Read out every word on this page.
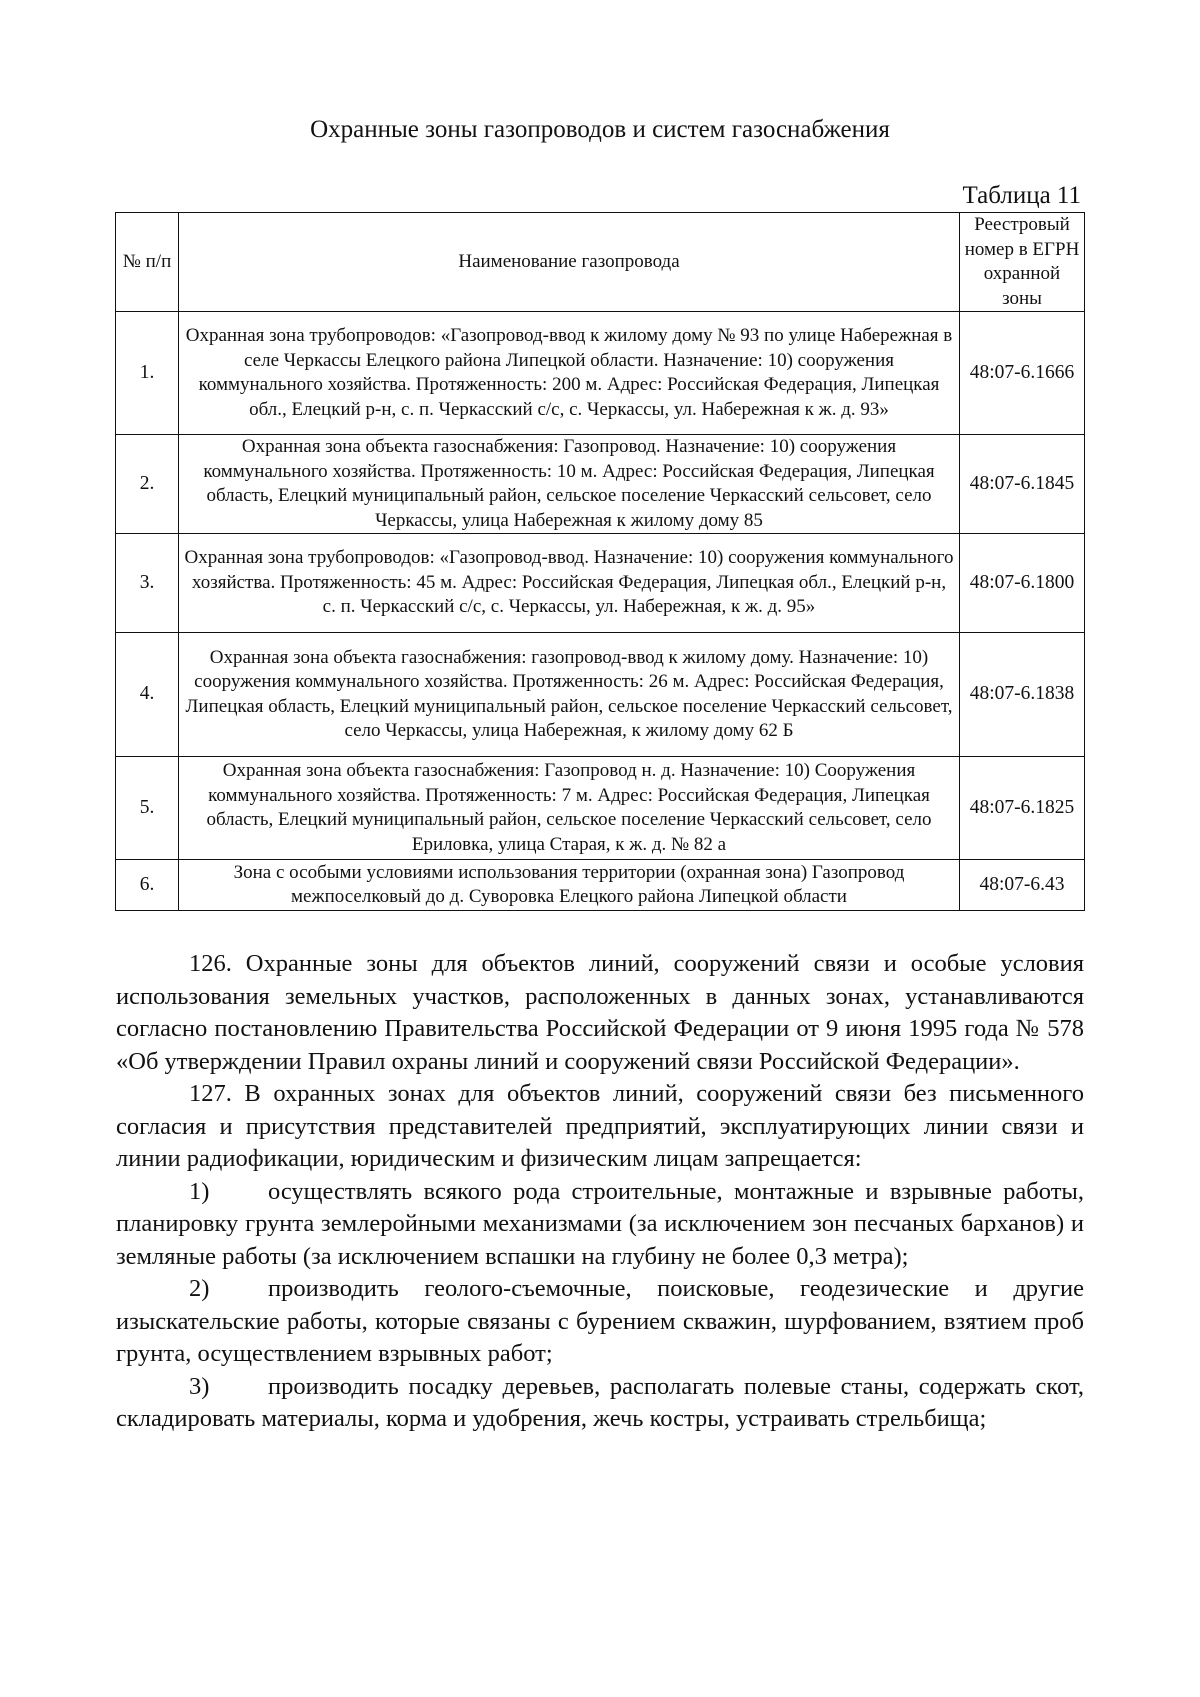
Охранные зоны газопроводов и систем газоснабжения
Таблица 11
№ п/п	Наименование газопровода	Реестровый номер в ЕГРН охранной зоны
1.	Охранная зона трубопроводов: «Газопровод-ввод к жилому дому № 93 по улице Набережная в селе Черкассы Елецкого района Липецкой области. Назначение: 10) сооружения коммунального хозяйства. Протяженность: 200 м. Адрес: Российская Федерация, Липецкая обл., Елецкий р-н, с. п. Черкасский с/с, с. Черкассы, ул. Набережная к ж. д. 93»	48:07-6.1666
2.	Охранная зона объекта газоснабжения: Газопровод. Назначение: 10) сооружения коммунального хозяйства. Протяженность: 10 м. Адрес: Российская Федерация, Липецкая область, Елецкий муниципальный район, сельское поселение Черкасский сельсовет, село Черкассы, улица Набережная к жилому дому 85	48:07-6.1845
3.	Охранная зона трубопроводов: «Газопровод-ввод. Назначение: 10) сооружения коммунального хозяйства. Протяженность: 45 м. Адрес: Российская Федерация, Липецкая обл., Елецкий р-н, с. п. Черкасский с/с, с. Черкассы, ул. Набережная, к ж. д. 95»	48:07-6.1800
4.	Охранная зона объекта газоснабжения: газопровод-ввод к жилому дому. Назначение: 10) сооружения коммунального хозяйства. Протяженность: 26 м. Адрес: Российская Федерация, Липецкая область, Елецкий муниципальный район, сельское поселение Черкасский сельсовет, село Черкассы, улица Набережная, к жилому дому 62 Б	48:07-6.1838
5.	Охранная зона объекта газоснабжения: Газопровод н. д. Назначение: 10) Сооружения коммунального хозяйства. Протяженность: 7 м. Адрес: Российская Федерация, Липецкая область, Елецкий муниципальный район, сельское поселение Черкасский сельсовет, село Ериловка, улица Старая, к ж. д. № 82 а	48:07-6.1825
6.	Зона с особыми условиями использования территории (охранная зона) Газопровод межпоселковый до д. Суворовка Елецкого района Липецкой области	48:07-6.43

126. Охранные зоны для объектов линий, сооружений связи и особые условия использования земельных участков, расположенных в данных зонах, устанавливаются согласно постановлению Правительства Российской Федерации от 9 июня 1995 года № 578 «Об утверждении Правил охраны линий и сооружений связи Российской Федерации».

127. В охранных зонах для объектов линий, сооружений связи без письменного согласия и присутствия представителей предприятий, эксплуатирующих линии связи и линии радиофикации, юридическим и физическим лицам запрещается:

1) осуществлять всякого рода строительные, монтажные и взрывные работы, планировку грунта землеройными механизмами (за исключением зон песчаных барханов) и земляные работы (за исключением вспашки на глубину не более 0,3 метра);

2) производить геолого-съемочные, поисковые, геодезические и другие изыскательские работы, которые связаны с бурением скважин, шурфованием, взятием проб грунта, осуществлением взрывных работ;

3) производить посадку деревьев, располагать полевые станы, содержать скот, складировать материалы, корма и удобрения, жечь костры, устраивать стрельбища;
